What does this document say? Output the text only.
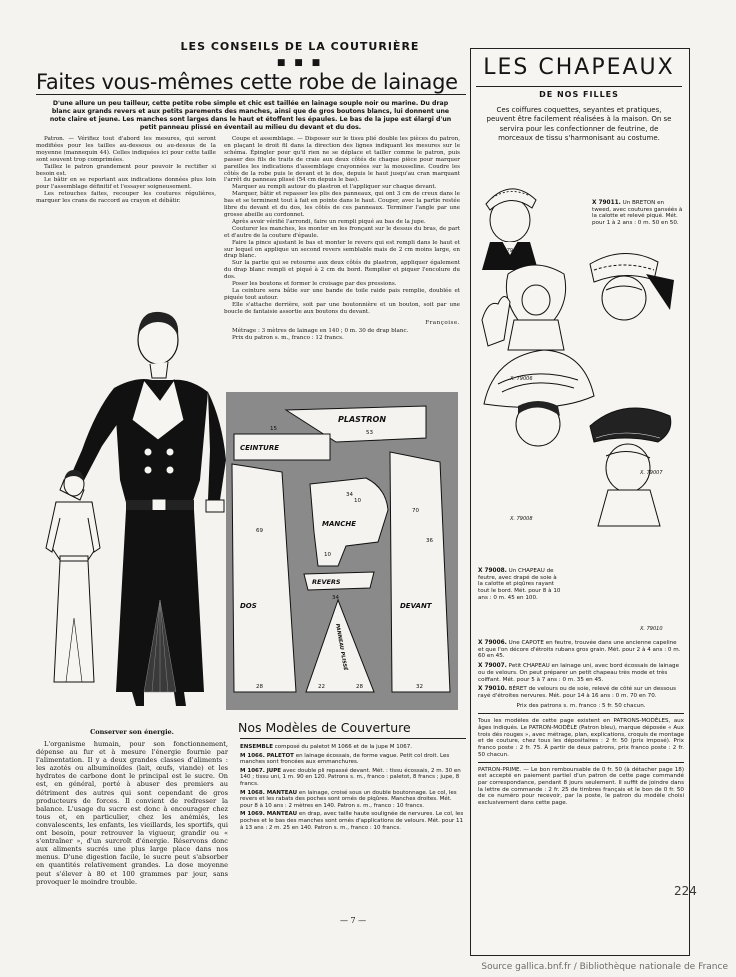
LES CONSEILS DE LA COUTURIÈRE
■ ■ ■
Faites vous-mêmes cette robe de lainage
D'une allure un peu tailleur, cette petite robe simple et chic est taillée en lainage souple noir ou marine. Du drap blanc aux grands revers et aux petits parements des manches, ainsi que de gros boutons blancs, lui donnent une note claire et jeune. Les manches sont larges dans le haut et étoffent les épaules. Le bas de la jupe est élargi d'un petit panneau plissé en éventail au milieu du devant et du dos.

Patron. — Vérifiez tout d'abord les mesures, qui seront modifiées pour les tailles au-dessous ou au-dessus de la moyenne (mannequin 44). Celles indiquées ici pour cette taille sont souvent trop comprimées.

Taillez le patron grandement pour pouvoir le rectifier si besoin est.

Le bâtir en se reportant aux indications données plus loin pour l'assemblage définitif et l'essayer soigneusement.

Les retouches faites, recouper les coutures régulières, marquer les crans de raccord au crayon et débâtir.

Coupe et assemblage. — Disposer sur le tissu plié double les pièces du patron, en plaçant le droit fil dans la direction des lignes indiquant les mesures sur le schéma. Épingler pour qu'il rien ne se déplace et tailler comme le patron, puis passer des fils de traits de craie aux deux côtés de chaque pièce pour marquer pareilles les indications d'assemblage crayonnées sur la mousseline. Coudre les côtés de la robe puis le devant et le dos, depuis le haut jusqu'au cran marquant l'arrêt du panneau plissé (54 cm depuis le bas).

Marquer au rempli autour du plastron et l'appliquer sur chaque devant.

Marquer, bâtir et repasser les plis des panneaux, qui ont 3 cm de creux dans le bas et se terminent tout à fait en pointe dans le haut. Couper, avec la partie restée libre du devant et du dos, les côtés de ces panneaux. Terminer l'angle par une grosse abeille au cordonnet.

Après avoir vérifié l'arrondi, faire un rempli piqué au bas de la jupe.

Couturer les manches, les monter en les fronçant sur le dessus du bras, de part et d'autre de la couture d'épaule.

Faire la pince ajustant le bas et monter le revers qui est rempli dans le haut et sur lequel on applique un second revers semblable mais de 2 cm moins large, en drap blanc.

Sur la partie qui se retourne aux deux côtés du plastron, appliquer également du drap blanc rempli et piqué à 2 cm du bord. Remplier et piquer l'encolure du dos.

Poser les boutons et former le croisage par des pressions.

La ceinture sera bâtie sur une bande de toile raide pais remplie, doublée et piquée tout autour.

Elle s'attache derrière, soit par une boutonnière et un bouton, soit par une boucle de fantaisie assortie aux boutons du devant.

Françoise.

Métrage : 3 mètres de lainage en 140 ; 0 m. 30 de drap blanc.

Prix du patron s. m., franco : 12 francs.

PLASTRON
CEINTURE
MANCHE
DOS
REVERS
DEVANT
PANNEAU PLISSÉ
53
15
70
34
69
10
10
34
28	22	28
36
32
Conserver son énergie.

L'organisme humain, pour son fonctionnement, dépense au fur et à mesure l'énergie fournie par l'alimentation. Il y a deux grandes classes d'aliments : les azotés ou albuminoïdes (lait, œufs, viande) et les hydrates de carbone dont le principal est le sucre. On est, en général, porté à abuser des premiers au détriment des autres qui sont cependant de gros producteurs de forces. Il convient de redresser la balance. L'usage du sucre est donc à encourager chez tous et, en particulier, chez les anémiés, les convalescents, les enfants, les vieillards, les sportifs, qui ont besoin, pour retrouver la vigueur, grandir ou « s'entraîner », d'un surcroît d'énergie. Réservons donc aux aliments sucrés une plus large place dans nos menus. D'une digestion facile, le sucre peut s'absorber en quantités relativement grandes. La dose moyenne peut s'élever à 80 et 100 grammes par jour, sans provoquer le moindre trouble.

Nos Modèles de Couverture

ENSEMBLE composé du paletot M 1066 et de la jupe M 1067.

M 1066. PALETOT en lainage écossais, de forme vague. Petit col droit. Les manches sont froncées aux emmanchures.

M 1067. JUPE avec double pli repassé devant. Mét. : tissu écossais, 2 m. 30 en 140 ; tissu uni, 1 m. 90 en 120. Patrons s. m., franco : paletot, 8 francs ; jupe, 8 francs.

M 1068. MANTEAU en lainage, croisé sous un double boutonnage. Le col, les revers et les rabats des poches sont ornés de piqûres. Manches droites. Mét. pour 8 à 10 ans : 2 mètres en 140. Patron s. m., franco : 10 francs.

M 1069. MANTEAU en drap, avec taille haute soulignée de nervures. Le col, les poches et le bas des manches sont ornés d'applications de velours. Mét. pour 11 à 13 ans : 2 m. 25 en 140. Patron s. m., franco : 10 francs.

— 7 —
LES CHAPEAUX
DE NOS FILLES
Ces coiffures coquettes, seyantes et pratiques, peuvent être facilement réalisées à la maison. On se servira pour les confectionner de feutrine, de morceaux de tissu s'harmonisant au costume.
X. 79011
X. 79006
X. 79007
X. 79008
X. 79010
X 79011. Un BRETON en tweed, avec coutures ganséés à la calotte et relevé piqué. Mét. pour 1 à 2 ans : 0 m. 50 en 50.
X 79008. Un CHAPEAU de feutre, avec drapé de soie à la calotte et piqûres rayant tout le bord. Mét. pour 8 à 10 ans : 0 m. 45 en 100.

X 79006. Une CAPOTE en feutre, trouvée dans une ancienne capeline et que l'on décore d'étroits rubans gros grain. Mét. pour 2 à 4 ans : 0 m. 60 en 45.

X 79007. Petit CHAPEAU en lainage uni, avec bord écossais de lainage ou de velours. On peut préparer un petit chapeau très mode et très coiffant. Mét. pour 5 à 7 ans : 0 m. 35 en 45.

X 79010. BÉRET de velours ou de soie, relevé de côté sur un dessous rayé d'étroites nervures. Mét. pour 14 à 16 ans : 0 m. 70 en 70.

Prix des patrons s. m. franco : 5 fr. 50 chacun.

Tous les modèles de cette page existent en PATRONS-MODÈLES, aux âges indiqués. Le PATRON-MODÈLE (Patron bleu), marque déposée « Aux trois dés rouges », avec métrage, plan, explications, croquis de montage et de couture, chez tous les dépositaires : 2 fr. 50 (prix imposé). Prix franco poste : 2 fr. 75. À partir de deux patrons, prix franco poste : 2 fr. 50 chacun.

PATRON-PRIME. — Le bon remboursable de 0 fr. 50 (à détacher page 18) est accepté en paiement partiel d'un patron de cette page commandé par correspondance, pendant 8 jours seulement. Il suffit de joindre dans la lettre de commande : 2 fr. 25 de timbres français et le bon de 0 fr. 50 de ce numéro pour recevoir, par la poste, le patron du modèle choisi exclusivement dans cette page.

224
Source gallica.bnf.fr / Bibliothèque nationale de France
